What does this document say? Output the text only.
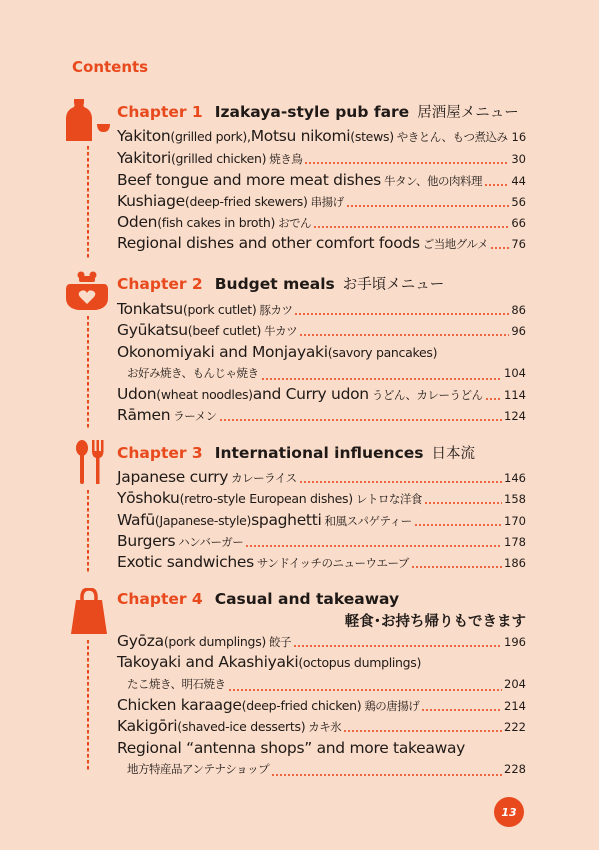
Contents
Chapter 1 Izakaya-style pub fare 居酒屋メニュー
Yakiton (grilled pork), Motsu nikomi (stews) やきとん、もつ煮込み 16
Yakitori (grilled chicken) 焼き鳥	30
Beef tongue and more meat dishes 牛タン、他の肉料理	44
Kushiage (deep-fried skewers) 串揚げ	56
Oden (fish cakes in broth) おでん	66
Regional dishes and other comfort foods ご当地グルメ 76
Chapter 2 Budget meals お手頃メニュー
Tonkatsu (pork cutlet) 豚カツ	86
Gyūkatsu (beef cutlet) 牛カツ	96
Okonomiyaki and Monjayaki (savory pancakes)
お好み焼き、もんじゃ焼き	104
Udon (wheat noodles) and Curry udon うどん、カレーうどん 114
Rāmen ラーメン	124
Chapter 3 International influences 日本流
Japanese curry カレーライス	146
Yōshoku (retro-style European dishes) レトロな洋食	158
Wafū (Japanese-style) spaghetti 和風スパゲティー	170
Burgers ハンバーガー	178
Exotic sandwiches サンドイッチのニューウエーブ	186
Chapter 4 Casual and takeaway
軽食･お持ち帰りもできます
Gyōza (pork dumplings) 餃子	196
Takoyaki and Akashiyaki (octopus dumplings)
たこ焼き、明石焼き	204
Chicken karaage (deep-fried chicken) 鶏の唐揚げ	214
Kakigōri (shaved-ice desserts) カキ氷	222
Regional “antenna shops” and more takeaway
地方特産品アンテナショップ	228
13
